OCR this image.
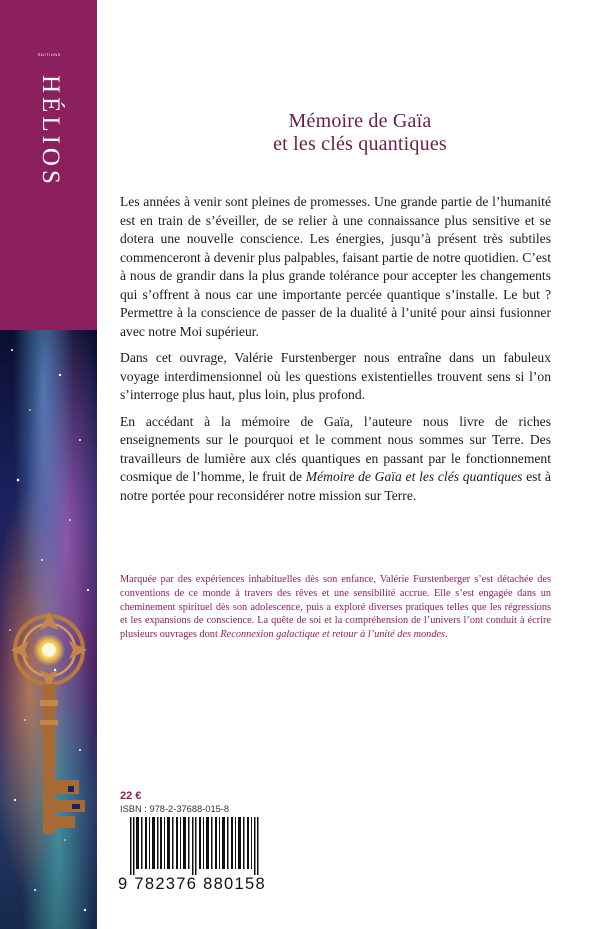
ÉDITIONS
HÉLIOS	Mémoire de Gaïa
et les clés quantiques

Les années à venir sont pleines de promesses. Une grande partie de l’humanité est en train de s’éveiller, de se relier à une connaissance plus sensitive et se dotera une nouvelle conscience. Les énergies, jusqu’à présent très subtiles commenceront à devenir plus palpables, faisant partie de notre quotidien. C’est à nous de grandir dans la plus grande tolérance pour accepter les changements qui s’offrent à nous car une importante percée quantique s’installe. Le but ? Permettre à la conscience de passer de la dualité à l’unité pour ainsi fusionner avec notre Moi supérieur.

Dans cet ouvrage, Valérie Furstenberger nous entraîne dans un fabuleux voyage interdimensionnel où les questions existentielles trouvent sens si l’on s’interroge plus haut, plus loin, plus profond.

En accédant à la mémoire de Gaïa, l’auteure nous livre de riches enseignements sur le pourquoi et le comment nous sommes sur Terre. Des travailleurs de lumière aux clés quantiques en passant par le fonctionnement cosmique de l’homme, le fruit de Mémoire de Gaïa et les clés quantiques est à notre portée pour reconsidérer notre mission sur Terre.

Marquée par des expériences inhabituelles dès son enfance, Valérie Furstenberger s’est détachée des conventions de ce monde à travers des rêves et une sensibilité accrue. Elle s’est engagée dans un cheminement spirituel dès son adolescence, puis a exploré diverses pratiques telles que les régressions et les expansions de conscience. La quête de soi et la compréhension de l’univers l’ont conduit à écrire plusieurs ouvrages dont Reconnexion galactique et retour à l’unité des mondes.

22 €
ISBN : 978-2-37688-015-8
9 782376 880158
